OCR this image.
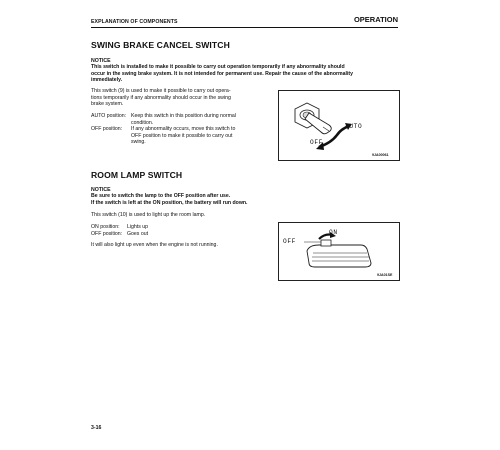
EXPLANATION OF COMPONENTS	OPERATION
SWING BRAKE CANCEL SWITCH
NOTICE
This switch is installed to make it possible to carry out operation temporarily if any abnormality should
occur in the swing brake system. It is not intended for permanent use. Repair the cause of the abnormality
immediately.
This switch (9) is used to make it possible to carry out opera-
tions temporarily if any abnormality should occur in the swing
brake system.
AUTO position: Keep this switch in this position during normal
condition.
OFF position: If any abnormality occurs, move this switch to
OFF position to make it possible to carry out
swing.
AUTO
OFF
9JA00061
ROOM LAMP SWITCH
NOTICE
Be sure to switch the lamp to the OFF position after use.
If the switch is left at the ON position, the battery will run down.
This switch (10) is used to light up the room lamp.
ON position: Lights up
OFF position: Goes out
It will also light up even when the engine is not running.
ON
OFF
9JA01SE
3-16
